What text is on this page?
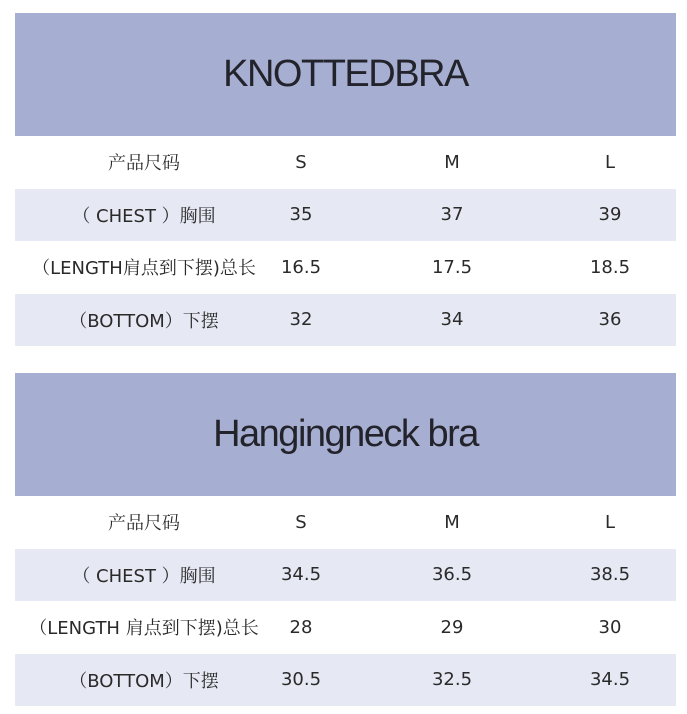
KNOTTEDBRA
产品尺码	S	M	L
（ CHEST ）胸围	35	37	39
（LENGTH肩点到下摆)总长	16.5	17.5	18.5
（BOTTOM）下摆	32	34	36
Hangingneck bra
产品尺码	S	M	L
（ CHEST ）胸围	34.5	36.5	38.5
（LENGTH 肩点到下摆)总长	28	29	30
（BOTTOM）下摆	30.5	32.5	34.5
